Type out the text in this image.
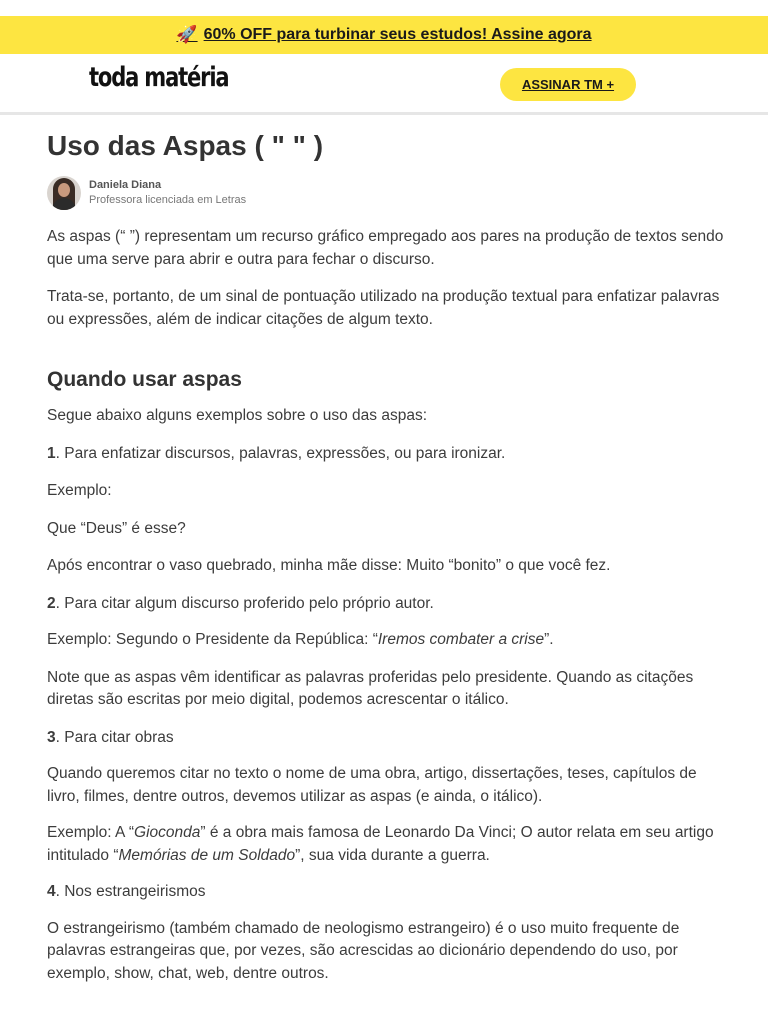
🚀 60% OFF para turbinar seus estudos! Assine agora
toda matéria	ASSINAR TM +
Uso das Aspas ( " " )
Daniela Diana
Professora licenciada em Letras

As aspas (“ ”) representam um recurso gráfico empregado aos pares na produção de textos sendo que uma serve para abrir e outra para fechar o discurso.

Trata-se, portanto, de um sinal de pontuação utilizado na produção textual para enfatizar palavras ou expressões, além de indicar citações de algum texto.

Quando usar aspas

Segue abaixo alguns exemplos sobre o uso das aspas:

1. Para enfatizar discursos, palavras, expressões, ou para ironizar.

Exemplo:

Que “Deus” é esse?

Após encontrar o vaso quebrado, minha mãe disse: Muito “bonito” o que você fez.

2. Para citar algum discurso proferido pelo próprio autor.

Exemplo: Segundo o Presidente da República: “Iremos combater a crise”.

Note que as aspas vêm identificar as palavras proferidas pelo presidente. Quando as citações diretas são escritas por meio digital, podemos acrescentar o itálico.

3. Para citar obras

Quando queremos citar no texto o nome de uma obra, artigo, dissertações, teses, capítulos de livro, filmes, dentre outros, devemos utilizar as aspas (e ainda, o itálico).

Exemplo: A “Gioconda” é a obra mais famosa de Leonardo Da Vinci; O autor relata em seu artigo intitulado “Memórias de um Soldado”, sua vida durante a guerra.

4. Nos estrangeirismos

O estrangeirismo (também chamado de neologismo estrangeiro) é o uso muito frequente de palavras estrangeiras que, por vezes, são acrescidas ao dicionário dependendo do uso, por exemplo, show, chat, web, dentre outros.
